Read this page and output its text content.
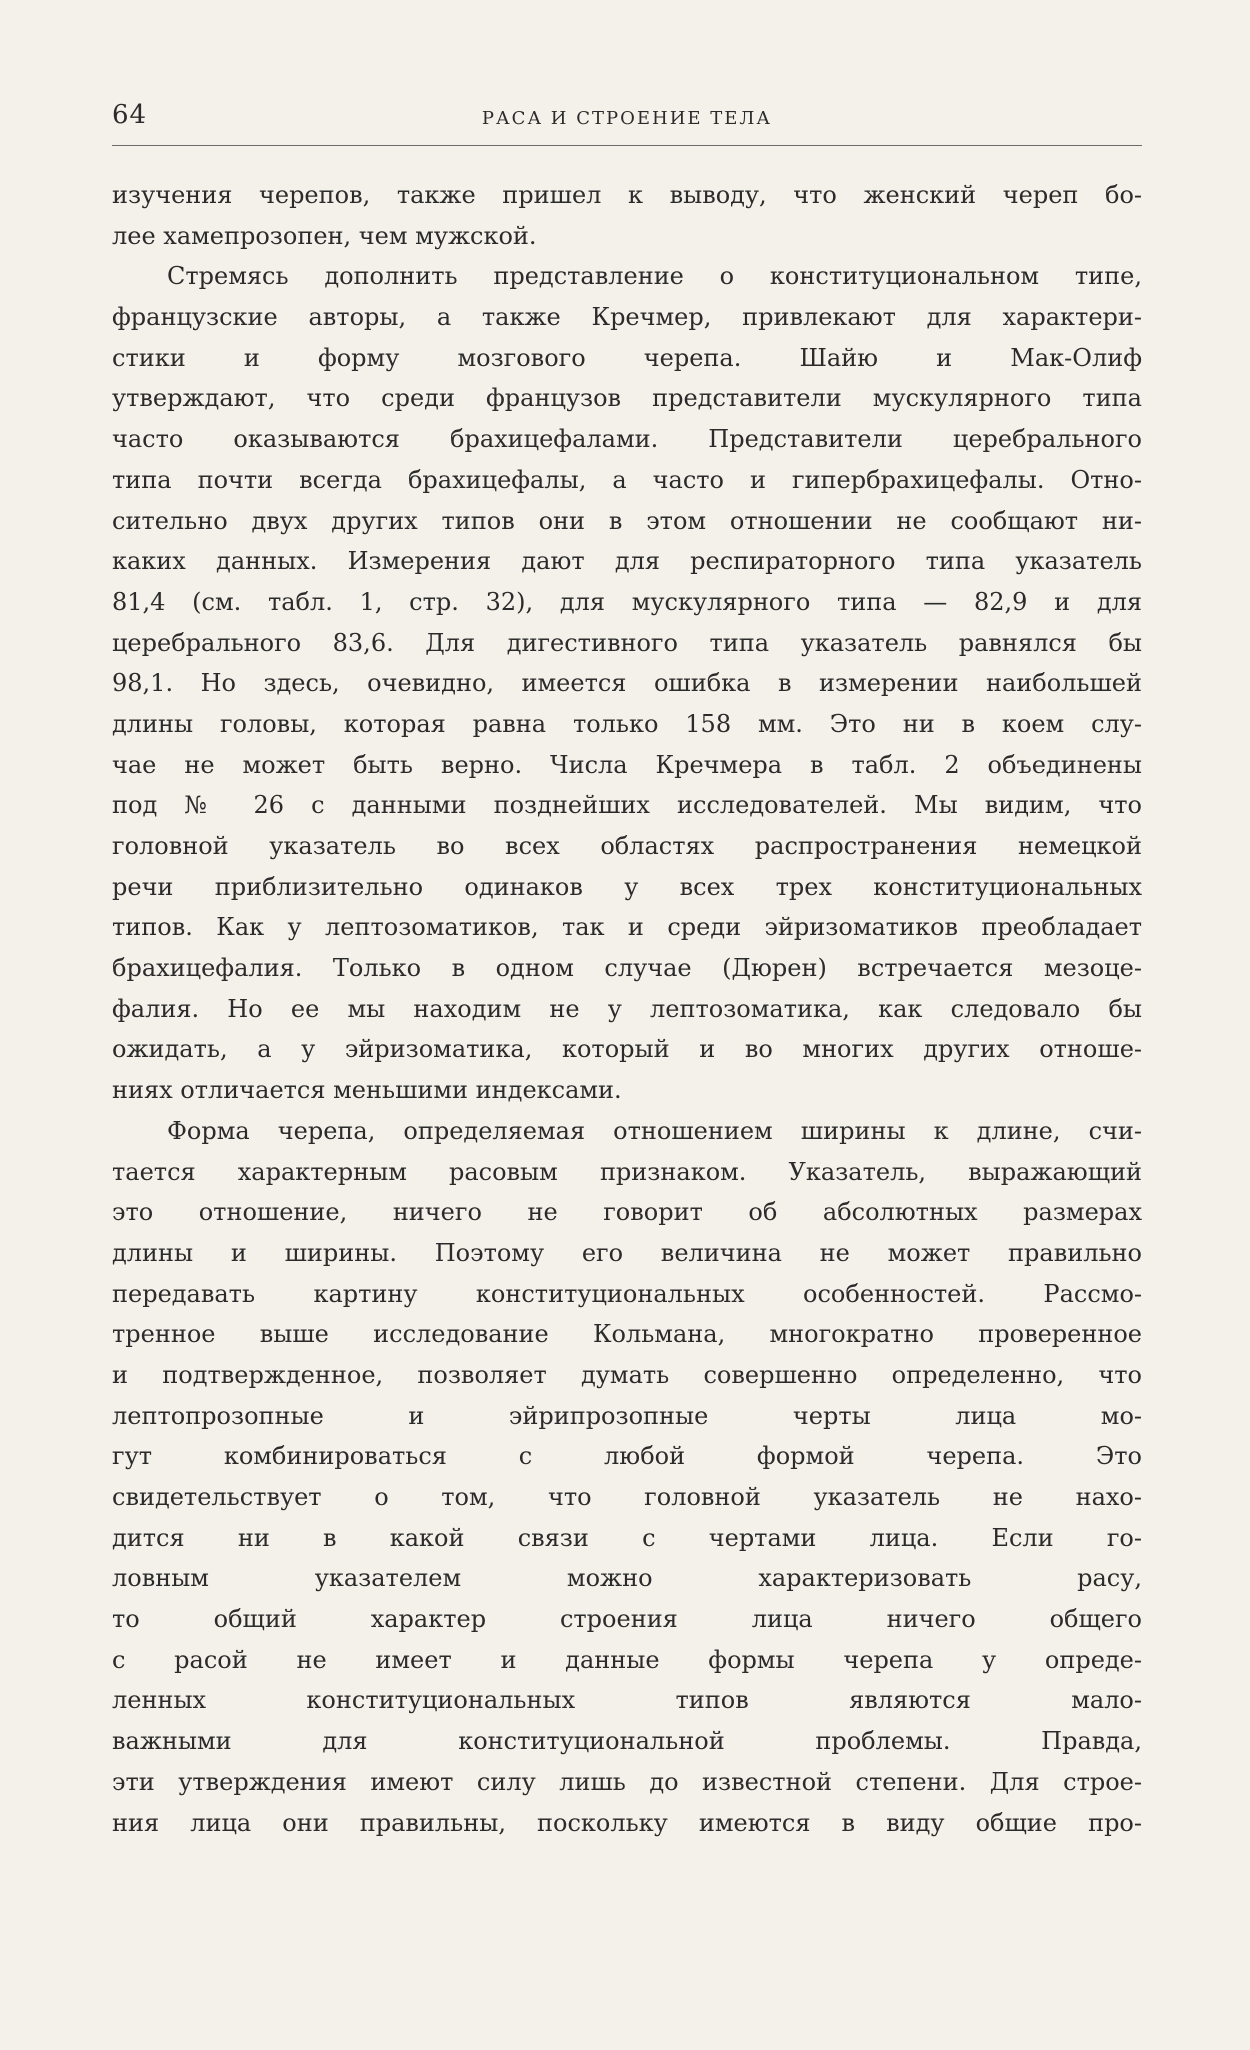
64	РАСА И СТРОЕНИЕ ТЕЛА
изучения черепов, также пришел к выводу, что женский череп бо-
лее хамепрозопен, чем мужской.
Стремясь дополнить представление о конституциональном типе,
французские авторы, а также Кречмер, привлекают для характери-
стики и форму мозгового черепа. Шайю и Мак-Олиф
утверждают, что среди французов представители мускулярного типа
часто оказываются брахицефалами. Представители церебрального
типа почти всегда брахицефалы, а часто и гипербрахицефалы. Отно-
сительно двух других типов они в этом отношении не сообщают ни-
каких данных. Измерения дают для респираторного типа указатель
81,4 (см. табл. 1, стр. 32), для мускулярного типа — 82,9 и для
церебрального 83,6. Для дигестивного типа указатель равнялся бы
98,1. Но здесь, очевидно, имеется ошибка в измерении наибольшей
длины головы, которая равна только 158 мм. Это ни в коем слу-
чае не может быть верно. Числа Кречмера в табл. 2 объединены
под № 26 с данными позднейших исследователей. Мы видим, что
головной указатель во всех областях распространения немецкой
речи приблизительно одинаков у всех трех конституциональных
типов. Как у лептозоматиков, так и среди эйризоматиков преобладает
брахицефалия. Только в одном случае (Дюрен) встречается мезоце-
фалия. Но ее мы находим не у лептозоматика, как следовало бы
ожидать, а у эйризоматика, который и во многих других отноше-
ниях отличается меньшими индексами.
Форма черепа, определяемая отношением ширины к длине, счи-
тается характерным расовым признаком. Указатель, выражающий
это отношение, ничего не говорит об абсолютных размерах
длины и ширины. Поэтому его величина не может правильно
передавать картину конституциональных особенностей. Рассмо-
тренное выше исследование Кольмана, многократно проверенное
и подтвержденное, позволяет думать совершенно определенно, что
лептопрозопные и эйрипрозопные черты лица мо-
гут комбинироваться с любой формой черепа. Это
свидетельствует о том, что головной указатель не нахо-
дится ни в какой связи с чертами лица. Если го-
ловным указателем можно характеризовать расу,
то общий характер строения лица ничего общего
с расой не имеет и данные формы черепа у опреде-
ленных конституциональных типов являются мало-
важными для конституциональной проблемы. Правда,
эти утверждения имеют силу лишь до известной степени. Для строе-
ния лица они правильны, поскольку имеются в виду общие про-
